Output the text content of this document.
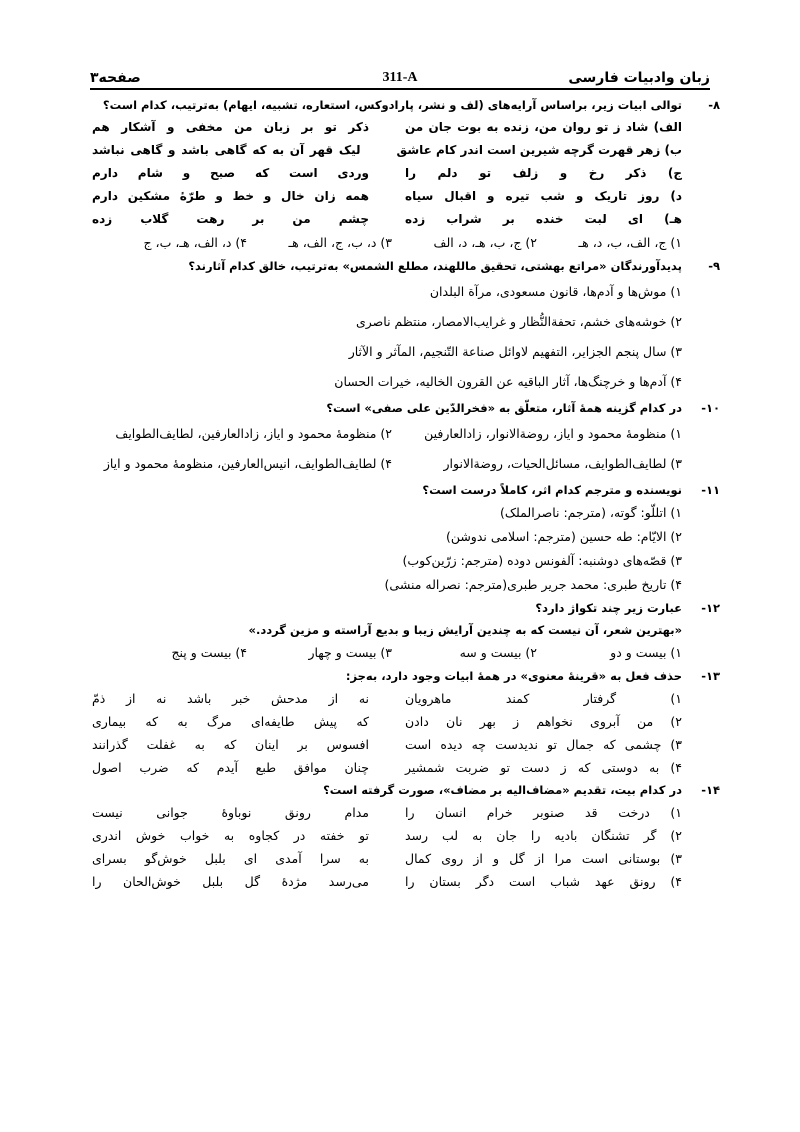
زبان وادبیات فارسی
311-A
صفحه۳
-۸
توالی ابیات زیر، براساس آرایه‌های (لف و نشر، پارادوکس، استعاره، تشبیه، ایهام) به‌ترتیب، کدام است؟
الف) شاد ز تو روان من، زنده به بوت جان من
ذکر تو بر زبان من مخفی و آشکار هم
ب) زهر قهرت گرچه شیرین است اندر کام عاشق
لیک قهر آن به که گاهی باشد و گاهی نباشد
ج) ذکر رخ و زلف تو دلم را
وردی است که صبح و شام دارم
د) روز تاریک و شب تیره و اقبال سیاه
همه زان خال و خط و طرّهٔ مشکین دارم
هـ) ای لبت خنده بر شراب زده
چشم من بر رهت گلاب زده
۱) ج، الف، ب، د، هـ
۲) ج، ب، هـ، د، الف
۳) د، ب، ج، الف، هـ
۴) د، الف، هـ، ب، ج
-۹
پدیدآورندگان «مراتع بهشتی، تحقیق ماللهند، مطلع الشمس» به‌ترتیب، خالق کدام آثارند؟
۱) موش‌ها و آدم‌ها، قانون مسعودی، مرآة البلدان
۲) خوشه‌های خشم، تحفةالنُّظار و غرایب‌الامصار، منتظم ناصری
۳) سال پنجم الجزایر، التفهیم لاوائل صناعة التّنجیم، المآثر و الآثار
۴) آدم‌ها و خرچنگ‌ها، آثار الباقیه عن القرون الخالیه، خیرات الحسان
-۱۰
در کدام گزینه همهٔ آثار، متعلّق به «فخرالدّین علی صفی» است؟
۱) منظومهٔ محمود و ایاز، روضةالانوار، زادالعارفین
۲) منظومهٔ محمود و ایاز، زادالعارفین، لطایف‌الطوایف
۳) لطایف‌الطوایف، مسائل‌الحیات، روضةالانوار
۴) لطایف‌الطوایف، انیس‌العارفین، منظومهٔ محمود و ایاز
-۱۱
نویسنده و مترجم کدام اثر، کاملاً درست است؟
۱) اتللّو: گوته، (مترجم: ناصرالملک)
۲) الایّام: طه حسین (مترجم: اسلامی ندوشن)
۳) قصّه‌های دوشنبه: آلفونس دوده (مترجم: زرّین‌کوب)
۴) تاریخ طبری: محمد جریر طبری(مترجم: نصراله منشی)
-۱۲
عبارت زیر چند تکواژ دارد؟
«بهترین شعر، آن نیست که به چندین آرایش زیبا و بدیع آراسته و مزین گردد.»
۱) بیست و دو
۲) بیست و سه
۳) بیست و چهار
۴) بیست و پنج
-۱۳
حذف فعل به «قرینهٔ معنوی» در همهٔ ابیات وجود دارد، به‌جز:
۱) گرفتار کمند ماهرویان
نه از مدحش خبر باشد نه از ذمّ
۲) من آبروی نخواهم ز بهر نان دادن
که پیش طایفه‌ای مرگ به که بیماری
۳) چشمی که جمال تو ندیدست چه دیده است
افسوس بر اینان که به غفلت گذرانند
۴) به دوستی که ز دست تو ضربت شمشیر
چنان موافق طبع آیدم که ضرب اصول
-۱۴
در کدام بیت، تقدیم «مضاف‌الیه بر مضاف»، صورت گرفته است؟
۱) درخت قد صنوبر خرام انسان را
مدام رونق نوباوهٔ جوانی نیست
۲) گر تشنگان بادیه را جان به لب رسد
تو خفته در کجاوه به خواب خوش اندری
۳) بوستانی است مرا از گل و از روی کمال
به سرا آمدی ای بلبل خوش‌گو بسرای
۴) رونق عهد شباب است دگر بستان را
می‌رسد مژدهٔ گل بلبل خوش‌الحان را
